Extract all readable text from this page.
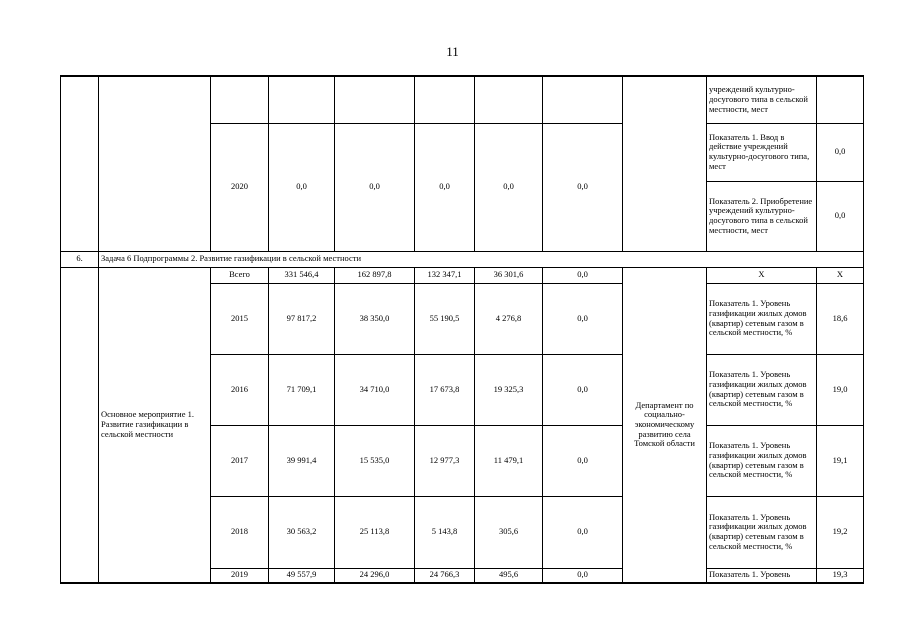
11
									учреждений культурно-досугового типа в сельской местности, мест	
		2020	0,0	0,0	0,0	0,0	0,0		Показатель 1. Ввод в действие учреждений культурно-досугового типа, мест	0,0
									Показатель 2. Приобретение учреждений культурно-досугового типа в сельской местности, мест	0,0
6.	Задача 6 Подпрограммы 2. Развитие газификации в сельской местности									
	Основное мероприятие 1. Развитие газификации в сельской местности	Всего	331 546,4	162 897,8	132 347,1	36 301,6	0,0	Департамент по социально-экономическому развитию села Томской области	Х	Х
		2015	97 817,2	38 350,0	55 190,5	4 276,8	0,0		Показатель 1. Уровень газификации жилых домов (квартир) сетевым газом в сельской местности, %	18,6
		2016	71 709,1	34 710,0	17 673,8	19 325,3	0,0		Показатель 1. Уровень газификации жилых домов (квартир) сетевым газом в сельской местности, %	19,0
		2017	39 991,4	15 535,0	12 977,3	11 479,1	0,0		Показатель 1. Уровень газификации жилых домов (квартир) сетевым газом в сельской местности, %	19,1
		2018	30 563,2	25 113,8	5 143,8	305,6	0,0		Показатель 1. Уровень газификации жилых домов (квартир) сетевым газом в сельской местности, %	19,2
		2019	49 557,9	24 296,0	24 766,3	495,6	0,0		Показатель 1. Уровень	19,3
